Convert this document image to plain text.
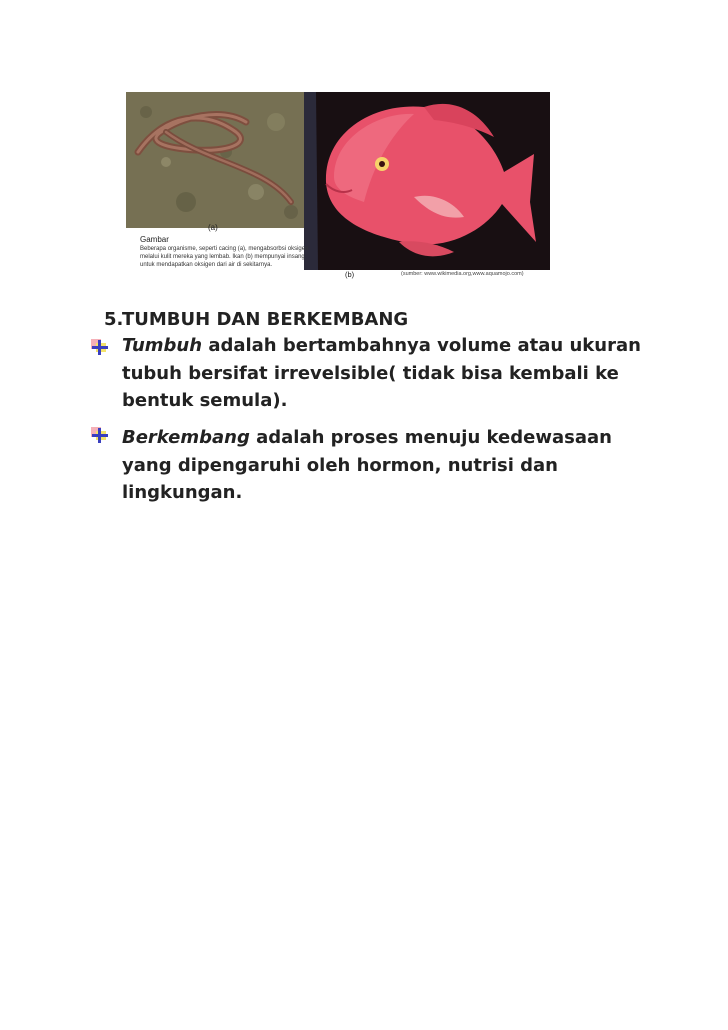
(a)
Gambar
Beberapa organisme, seperti cacing (a), mengabsorbsi oksigen melalui kulit mereka yang lembab. Ikan (b) mempunyai insang untuk mendapatkan oksigen dari air di sekitarnya.
(b)	(sumber: www.wikimedia.org,www.aquamojo.com)
5.TUMBUH DAN BERKEMBANG
Tumbuh adalah bertambahnya volume atau ukuran tubuh bersifat irrevelsible( tidak bisa kembali ke bentuk semula).
Berkembang adalah proses menuju kedewasaan yang dipengaruhi oleh hormon, nutrisi dan lingkungan.
